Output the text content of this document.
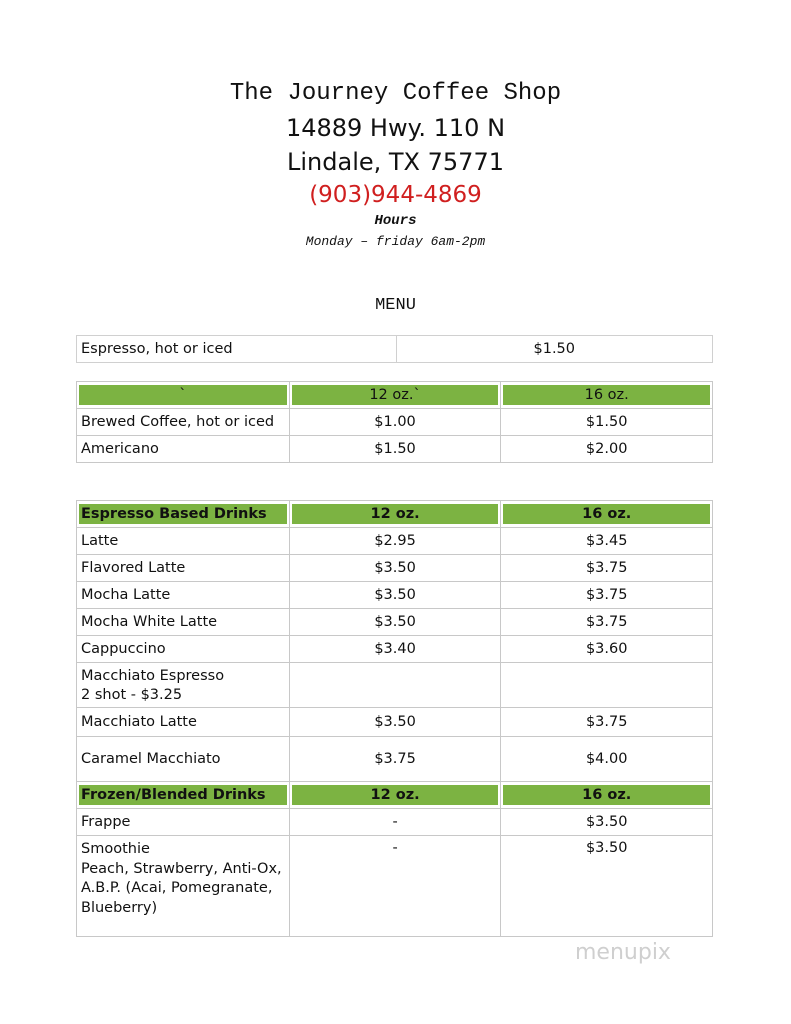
The Journey Coffee Shop
14889 Hwy. 110 N
Lindale, TX 75771
(903)944-4869
Hours
Monday – friday 6am-2pm
MENU
Espresso, hot or iced	$1.50
`	12 oz.`	16 oz.

Brewed Coffee, hot or iced	$1.00	$1.50
Americano	$1.50	$2.00
Espresso Based Drinks	12 oz.	16 oz.

Latte	$2.95	$3.45
Flavored Latte	$3.50	$3.75
Mocha Latte	$3.50	$3.75
Mocha White Latte	$3.50	$3.75
Cappuccino	$3.40	$3.60

Macchiato Espresso
2 shot - $3.25		

Macchiato Latte	$3.50	$3.75
Caramel Macchiato	$3.75	$4.00

Frozen/Blended Drinks	12 oz.	16 oz.

Frappe	-	$3.50

Smoothie
Peach, Strawberry, Anti-Ox,
A.B.P. (Acai, Pomegranate,
Blueberry)	-	$3.50
menupix
